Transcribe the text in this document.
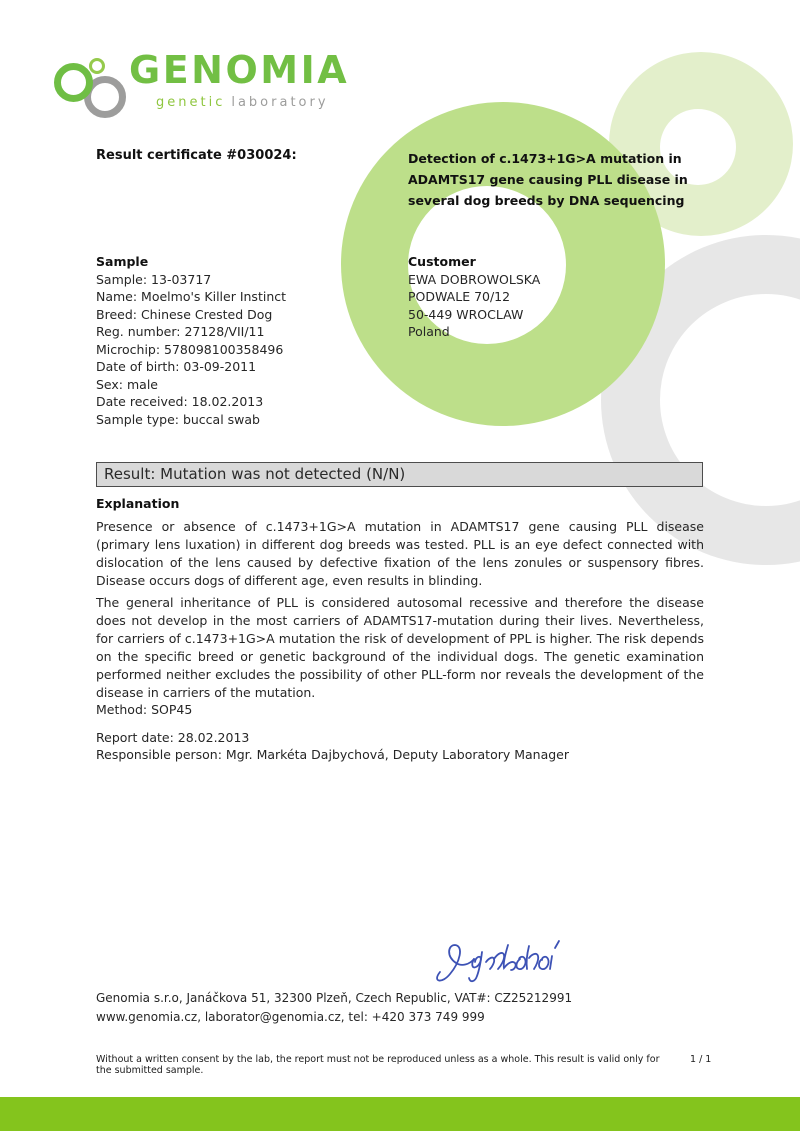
GENOMIA
genetic laboratory
Result certificate #030024:	Detection of c.1473+1G>A mutation in
ADAMTS17 gene causing PLL disease in
several dog breeds by DNA sequencing
Sample
Sample: 13-03717
Name: Moelmo's Killer Instinct
Breed: Chinese Crested Dog
Reg. number: 27128/VII/11
Microchip: 578098100358496
Date of birth: 03-09-2011
Sex: male
Date received: 18.02.2013
Sample type: buccal swab
Customer
EWA DOBROWOLSKA
PODWALE 70/12
50-449 WROCLAW
Poland
Result: Mutation was not detected (N/N)
Explanation
Presence or absence of c.1473+1G>A mutation in ADAMTS17 gene causing PLL disease (primary lens luxation) in different dog breeds was tested. PLL is an eye defect connected with dislocation of the lens caused by defective fixation of the lens zonules or suspensory fibres. Disease occurs dogs of different age, even results in blinding.
The general inheritance of PLL is considered autosomal recessive and therefore the disease does not develop in the most carriers of ADAMTS17-mutation during their lives. Nevertheless, for carriers of c.1473+1G>A mutation the risk of development of PPL is higher. The risk depends on the specific breed or genetic background of the individual dogs. The genetic examination performed neither excludes the possibility of other PLL-form nor reveals the development of the disease in carriers of the mutation.
Method: SOP45
Report date: 28.02.2013
Responsible person: Mgr. Markéta Dajbychová, Deputy Laboratory Manager
Genomia s.r.o, Janáčkova 51, 32300 Plzeň, Czech Republic, VAT#: CZ25212991
www.genomia.cz, laborator@genomia.cz, tel: +420 373 749 999
Without a written consent by the lab, the report must not be reproduced unless as a whole. This result is valid only for the submitted sample.
1 / 1
